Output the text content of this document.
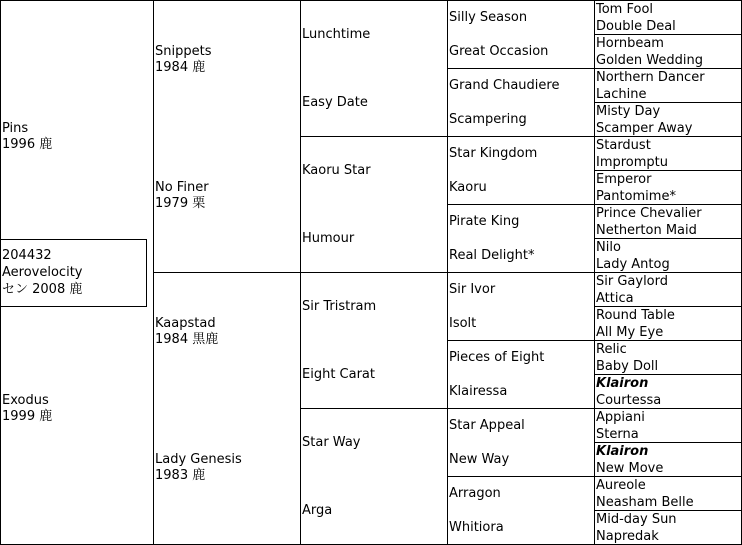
204432
Aerovelocity
セン 2008 鹿
Pins
1996 鹿
Exodus
1999 鹿
Snippets
1984 鹿
No Finer
1979 栗
Kaapstad
1984 黒鹿
Lady Genesis
1983 鹿
Lunchtime
Easy Date
Kaoru Star
Humour
Sir Tristram
Eight Carat
Star Way
Arga
Silly Season
Great Occasion
Grand Chaudiere
Scampering
Star Kingdom
Kaoru
Pirate King
Real Delight*
Sir Ivor
Isolt
Pieces of Eight
Klairessa
Star Appeal
New Way
Arragon
Whitiora
Tom Fool
Double Deal
Hornbeam
Golden Wedding
Northern Dancer
Lachine
Misty Day
Scamper Away
Stardust
Impromptu
Emperor
Pantomime*
Prince Chevalier
Netherton Maid
Nilo
Lady Antog
Sir Gaylord
Attica
Round Table
All My Eye
Relic
Baby Doll
Klairon
Courtessa
Appiani
Sterna
Klairon
New Move
Aureole
Neasham Belle
Mid-day Sun
Napredak
